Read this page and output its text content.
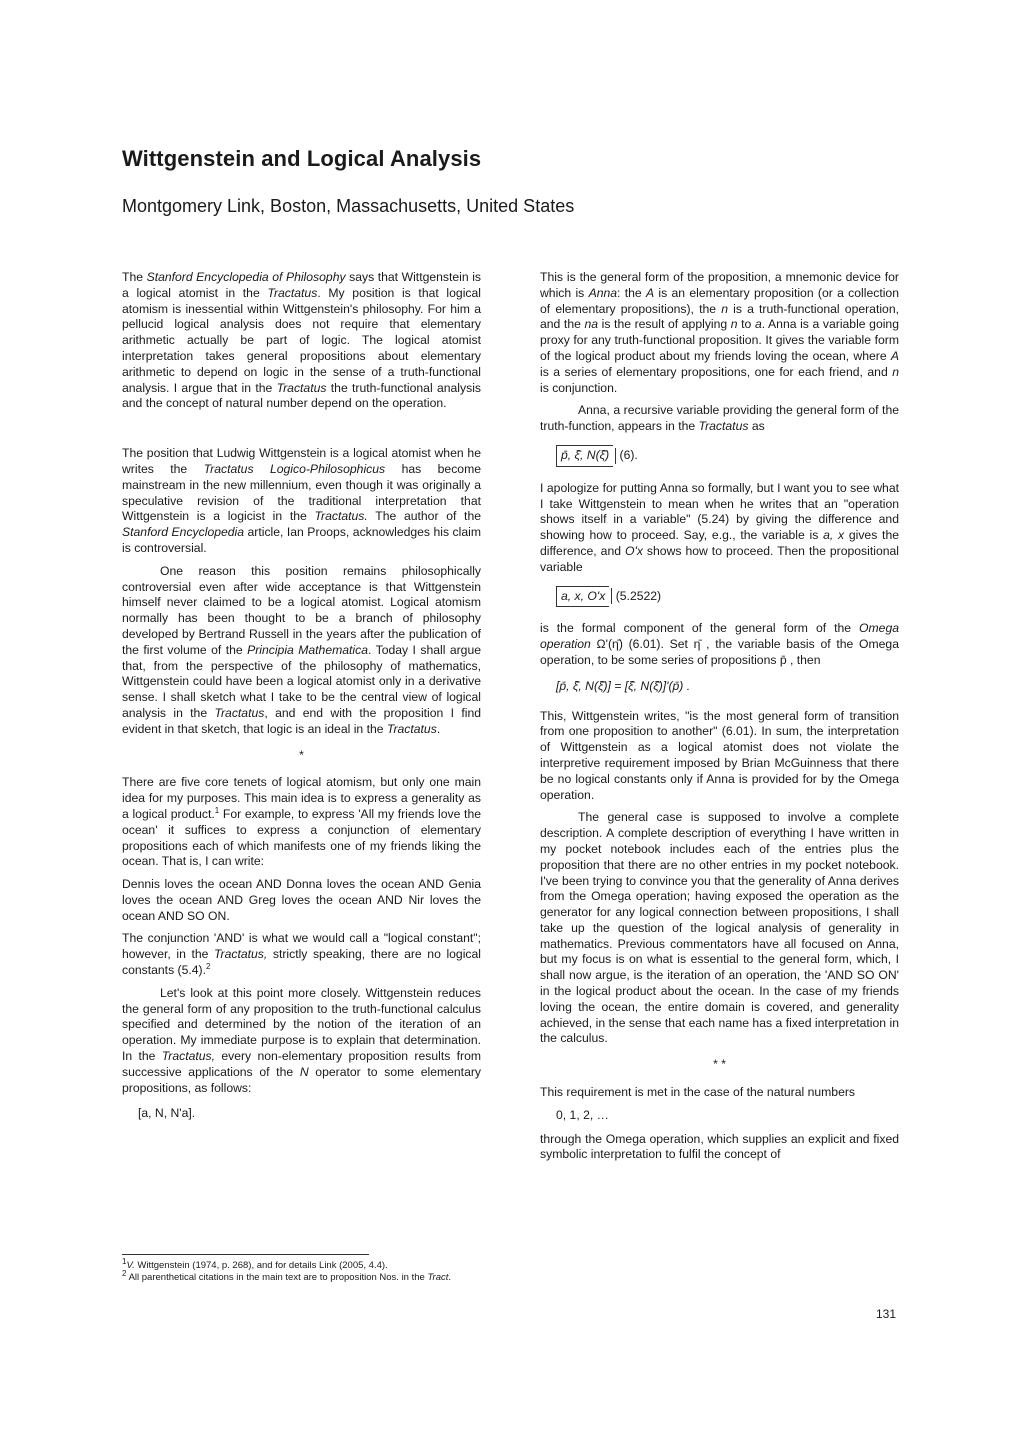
Wittgenstein and Logical Analysis
Montgomery Link, Boston, Massachusetts, United States

The Stanford Encyclopedia of Philosophy says that Wittgenstein is a logical atomist in the Tractatus. My position is that logical atomism is inessential within Wittgenstein's philosophy. For him a pellucid logical analysis does not require that elementary arithmetic actually be part of logic. The logical atomist interpretation takes general propositions about elementary arithmetic to depend on logic in the sense of a truth-functional analysis. I argue that in the Tractatus the truth-functional analysis and the concept of natural number depend on the operation.

The position that Ludwig Wittgenstein is a logical atomist when he writes the Tractatus Logico-Philosophicus has become mainstream in the new millennium, even though it was originally a speculative revision of the traditional interpretation that Wittgenstein is a logicist in the Tractatus. The author of the Stanford Encyclopedia article, Ian Proops, acknowledges his claim is controversial.

One reason this position remains philosophically controversial even after wide acceptance is that Wittgenstein himself never claimed to be a logical atomist. Logical atomism normally has been thought to be a branch of philosophy developed by Bertrand Russell in the years after the publication of the first volume of the Principia Mathematica. Today I shall argue that, from the perspective of the philosophy of mathematics, Wittgenstein could have been a logical atomist only in a derivative sense. I shall sketch what I take to be the central view of logical analysis in the Tractatus, and end with the proposition I find evident in that sketch, that logic is an ideal in the Tractatus.

*

There are five core tenets of logical atomism, but only one main idea for my purposes. This main idea is to express a generality as a logical product.$^1$ For example, to express 'All my friends love the ocean' it suffices to express a conjunction of elementary propositions each of which manifests one of my friends liking the ocean. That is, I can write:

Dennis loves the ocean AND Donna loves the ocean AND Genia loves the ocean AND Greg loves the ocean AND Nir loves the ocean AND SO ON.

The conjunction 'AND' is what we would call a "logical constant"; however, in the Tractatus, strictly speaking, there are no logical constants (5.4).$^2$

Let's look at this point more closely. Wittgenstein reduces the general form of any proposition to the truth-functional calculus specified and determined by the notion of the iteration of an operation. My immediate purpose is to explain that determination. In the Tractatus, every non-elementary proposition results from successive applications of the N operator to some elementary propositions, as follows:

[a, N, N'a].

This is the general form of the proposition, a mnemonic device for which is Anna: the A is an elementary proposition (or a collection of elementary propositions), the n is a truth-functional operation, and the na is the result of applying n to a. Anna is a variable going proxy for any truth-functional proposition. It gives the variable form of the logical product about my friends loving the ocean, where A is a series of elementary propositions, one for each friend, and n is conjunction.

Anna, a recursive variable providing the general form of the truth-function, appears in the Tractatus as

p̄, ξ̄, N(ξ̄) (6).

I apologize for putting Anna so formally, but I want you to see what I take Wittgenstein to mean when he writes that an "operation shows itself in a variable" (5.24) by giving the difference and showing how to proceed. Say, e.g., the variable is a, x gives the difference, and O'x shows how to proceed. Then the propositional variable

a, x, O'x (5.2522)

is the formal component of the general form of the Omega operation Ω'(η̄) (6.01). Set η̄ , the variable basis of the Omega operation, to be some series of propositions p̄ , then

[p̄, ξ̄, N(ξ̄)] = [ξ̄, N(ξ̄)]'(p̄) .

This, Wittgenstein writes, "is the most general form of transition from one proposition to another" (6.01). In sum, the interpretation of Wittgenstein as a logical atomist does not violate the interpretive requirement imposed by Brian McGuinness that there be no logical constants only if Anna is provided for by the Omega operation.

The general case is supposed to involve a complete description. A complete description of everything I have written in my pocket notebook includes each of the entries plus the proposition that there are no other entries in my pocket notebook. I've been trying to convince you that the generality of Anna derives from the Omega operation; having exposed the operation as the generator for any logical connection between propositions, I shall take up the question of the logical analysis of generality in mathematics. Previous commentators have all focused on Anna, but my focus is on what is essential to the general form, which, I shall now argue, is the iteration of an operation, the 'AND SO ON' in the logical product about the ocean. In the case of my friends loving the ocean, the entire domain is covered, and generality achieved, in the sense that each name has a fixed interpretation in the calculus.

* *

This requirement is met in the case of the natural numbers

0, 1, 2, …

through the Omega operation, which supplies an explicit and fixed symbolic interpretation to fulfil the concept of

$^1$V. Wittgenstein (1974, p. 268), and for details Link (2005, 4.4).
$^2$ All parenthetical citations in the main text are to proposition Nos. in the Tract.
131
